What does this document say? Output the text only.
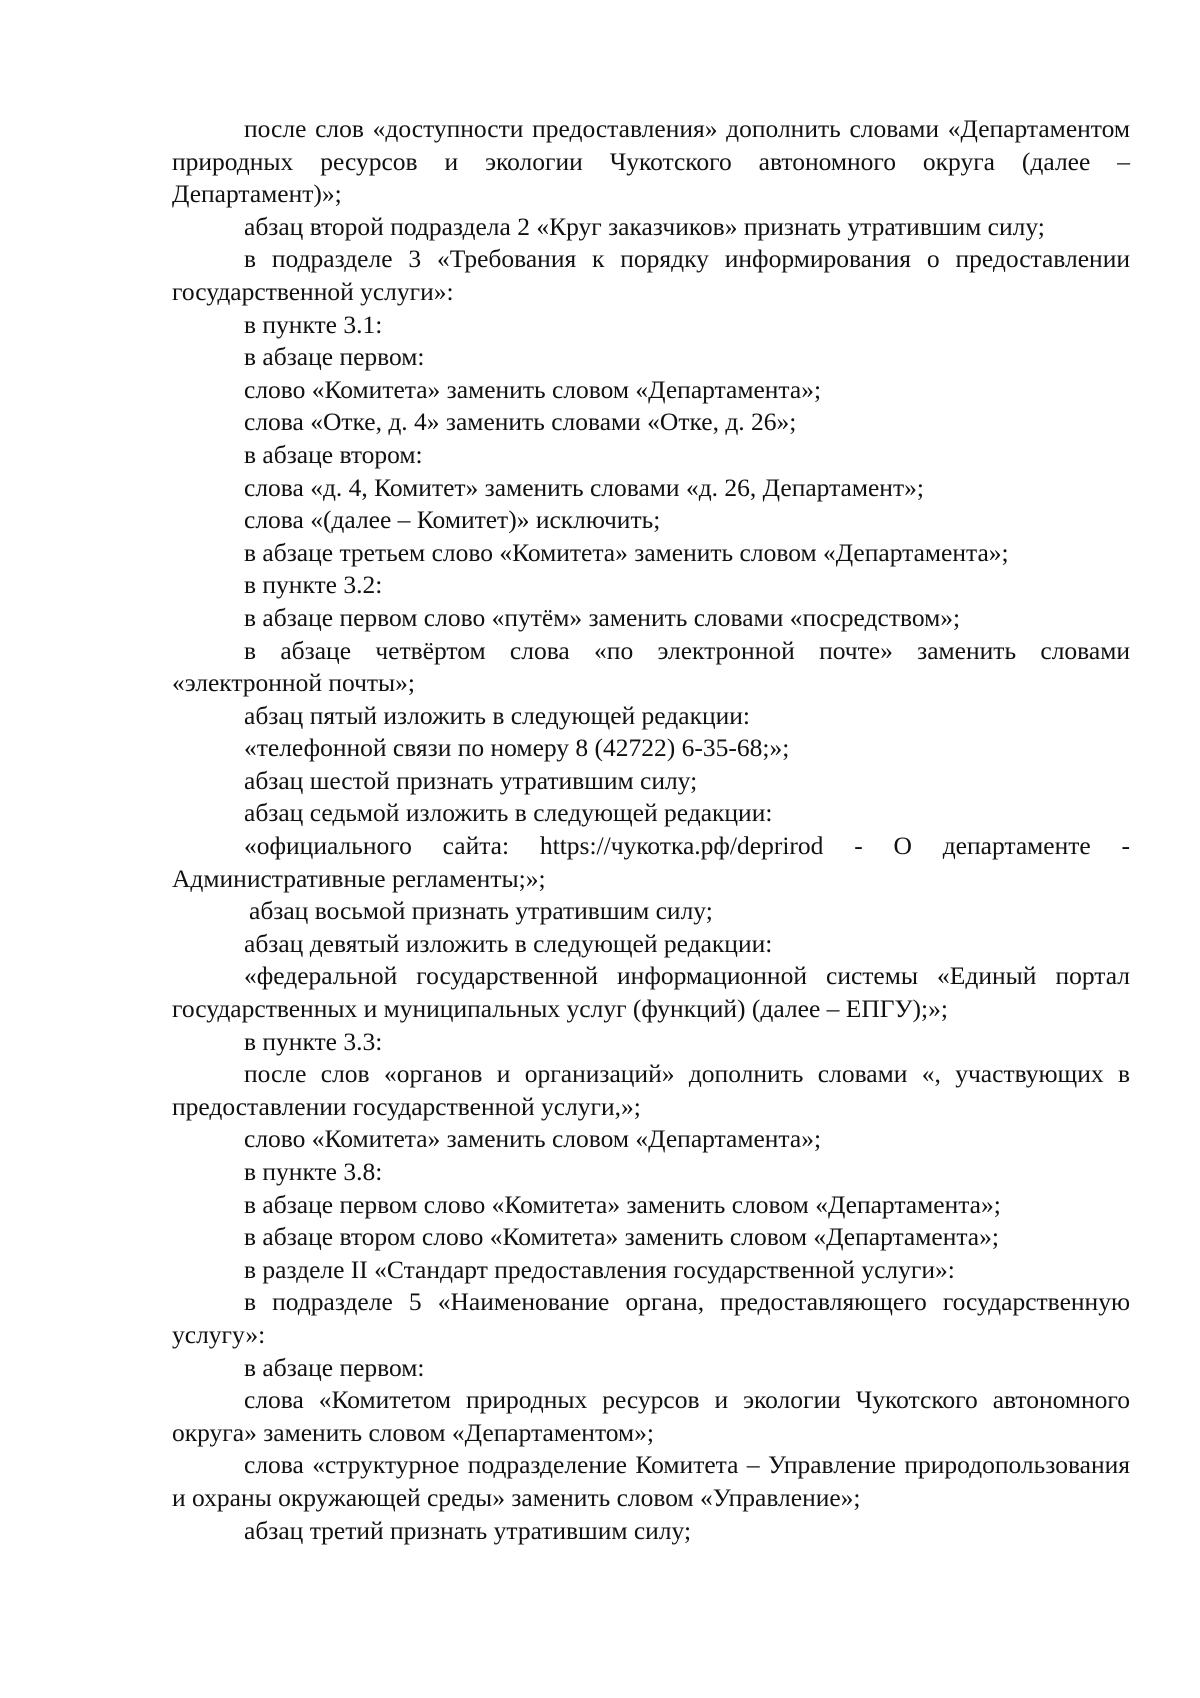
после слов «доступности предоставления» дополнить словами «Департаментом природных ресурсов и экологии Чукотского автономного округа (далее – Департамент)»;

абзац второй подраздела 2 «Круг заказчиков» признать утратившим силу;

в подразделе 3 «Требования к порядку информирования о предоставлении государственной услуги»:

в пункте 3.1:

в абзаце первом:

слово «Комитета» заменить словом «Департамента»;

слова «Отке, д. 4» заменить словами «Отке, д. 26»;

в абзаце втором:

слова «д. 4, Комитет» заменить словами «д. 26, Департамент»;

слова «(далее – Комитет)» исключить;

в абзаце третьем слово «Комитета» заменить словом «Департамента»;

в пункте 3.2:

в абзаце первом слово «путём» заменить словами «посредством»;

в абзаце четвёртом слова «по электронной почте» заменить словами «электронной почты»;

абзац пятый изложить в следующей редакции:

«телефонной связи по номеру 8 (42722) 6-35-68;»;

абзац шестой признать утратившим силу;

абзац седьмой изложить в следующей редакции:

«официального сайта: https://чукотка.рф/deprirod - О департаменте - Административные регламенты;»;

абзац восьмой признать утратившим силу;

абзац девятый изложить в следующей редакции:

«федеральной государственной информационной системы «Единый портал государственных и муниципальных услуг (функций) (далее – ЕПГУ);»;

в пункте 3.3:

после слов «органов и организаций» дополнить словами «, участвующих в предоставлении государственной услуги,»;

слово «Комитета» заменить словом «Департамента»;

в пункте 3.8:

в абзаце первом слово «Комитета» заменить словом «Департамента»;

в абзаце втором слово «Комитета» заменить словом «Департамента»;

в разделе II «Стандарт предоставления государственной услуги»:

в подразделе 5 «Наименование органа, предоставляющего государственную услугу»:

в абзаце первом:

слова «Комитетом природных ресурсов и экологии Чукотского автономного округа» заменить словом «Департаментом»;

слова «структурное подразделение Комитета – Управление природопользования и охраны окружающей среды» заменить словом «Управление»;

абзац третий признать утратившим силу;
